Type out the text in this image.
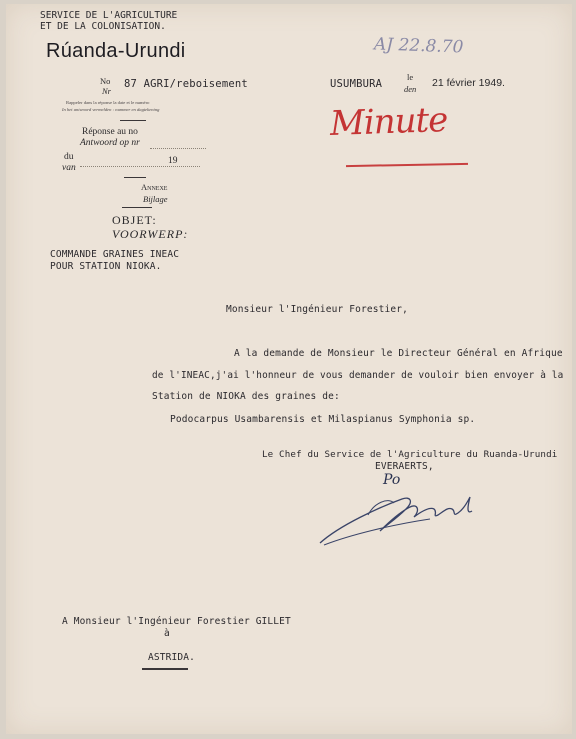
SERVICE DE L'AGRICULTURE
ET DE LA COLONISATION.
Rúanda-Urundi	AJ 22.8.70
No
Nr
87 AGRI/reboisement	USUMBURA
le
den 21 février 1949.
Rappeler dans la réponse la date et le numéro
In het antwoord vermelden : nummer en dagtekening
Réponse au no
Antwoord op nr
du
van
19
Annexe
Bijlage
OBJET:
VOORWERP:
COMMANDE GRAINES INEAC
POUR STATION NIOKA.
Minute
Monsieur l'Ingénieur Forestier,
A la demande de Monsieur le Directeur Général en Afrique
de l'INEAC,j'ai l'honneur de vous demander de vouloir bien envoyer à la
Station de NIOKA des graines de:
Podocarpus Usambarensis et Milaspianus Symphonia sp.
Le Chef du Service de l'Agriculture du Ruanda-Urundi
EVERAERTS,
Po
A Monsieur l'Ingénieur Forestier GILLET
à
ASTRIDA.
